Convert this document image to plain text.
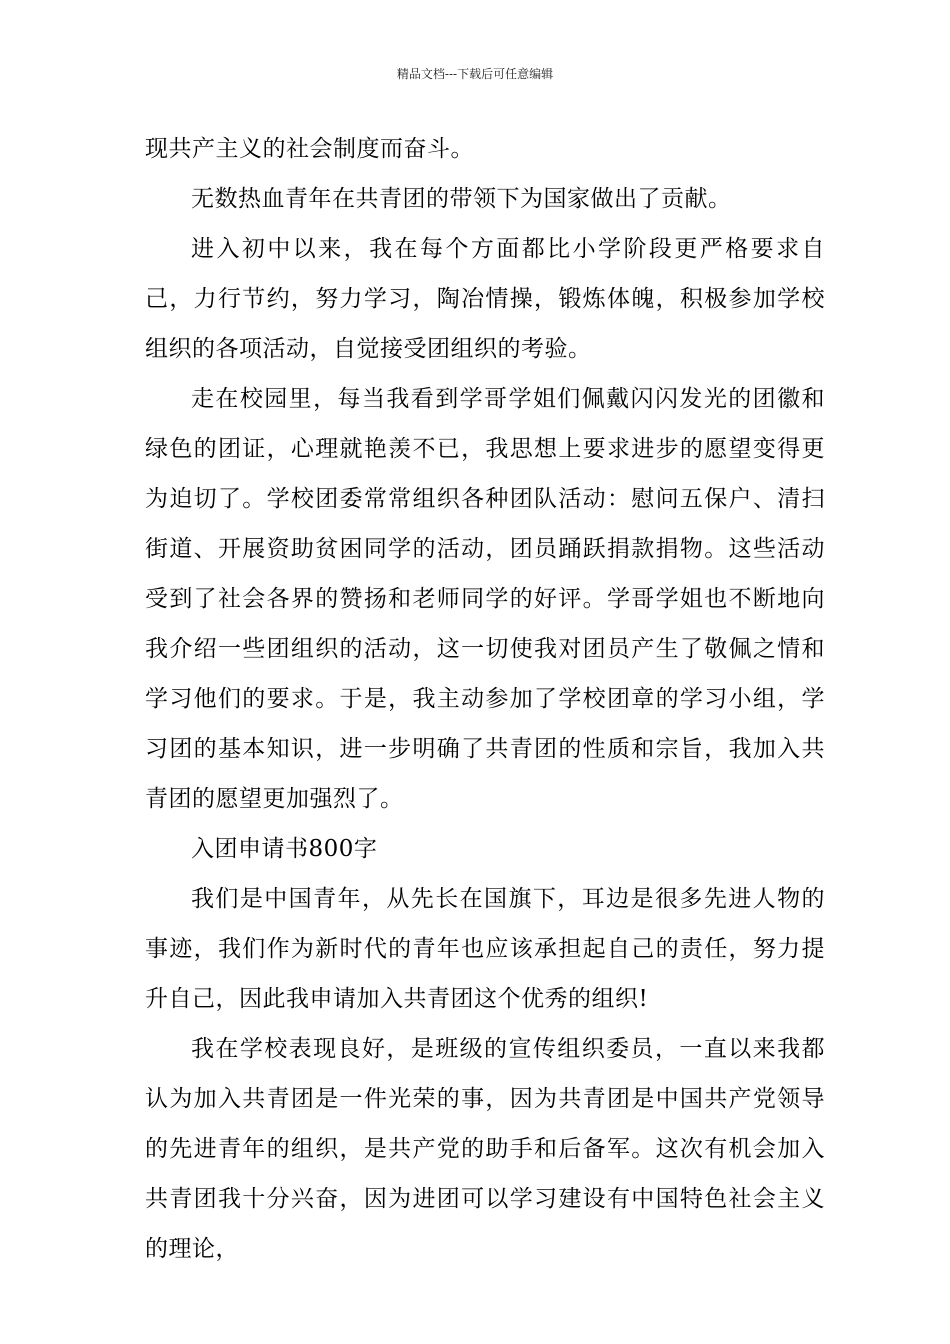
精品文档---下载后可任意编辑

现共产主义的社会制度而奋斗。

无数热血青年在共青团的带领下为国家做出了贡献。

进入初中以来，我在每个方面都比小学阶段更严格要求自己，力行节约，努力学习，陶冶情操，锻炼体魄，积极参加学校组织的各项活动，自觉接受团组织的考验。

走在校园里，每当我看到学哥学姐们佩戴闪闪发光的团徽和绿色的团证，心理就艳羡不已，我思想上要求进步的愿望变得更为迫切了。学校团委常常组织各种团队活动：慰问五保户、清扫街道、开展资助贫困同学的活动，团员踊跃捐款捐物。这些活动受到了社会各界的赞扬和老师同学的好评。学哥学姐也不断地向我介绍一些团组织的活动，这一切使我对团员产生了敬佩之情和学习他们的要求。于是，我主动参加了学校团章的学习小组，学习团的基本知识，进一步明确了共青团的性质和宗旨，我加入共青团的愿望更加强烈了。

入团申请书800字

我们是中国青年，从先长在国旗下，耳边是很多先进人物的事迹，我们作为新时代的青年也应该承担起自己的责任，努力提升自己，因此我申请加入共青团这个优秀的组织!

我在学校表现良好，是班级的宣传组织委员，一直以来我都认为加入共青团是一件光荣的事，因为共青团是中国共产党领导的先进青年的组织，是共产党的助手和后备军。这次有机会加入共青团我十分兴奋，因为进团可以学习建设有中国特色社会主义的理论，
